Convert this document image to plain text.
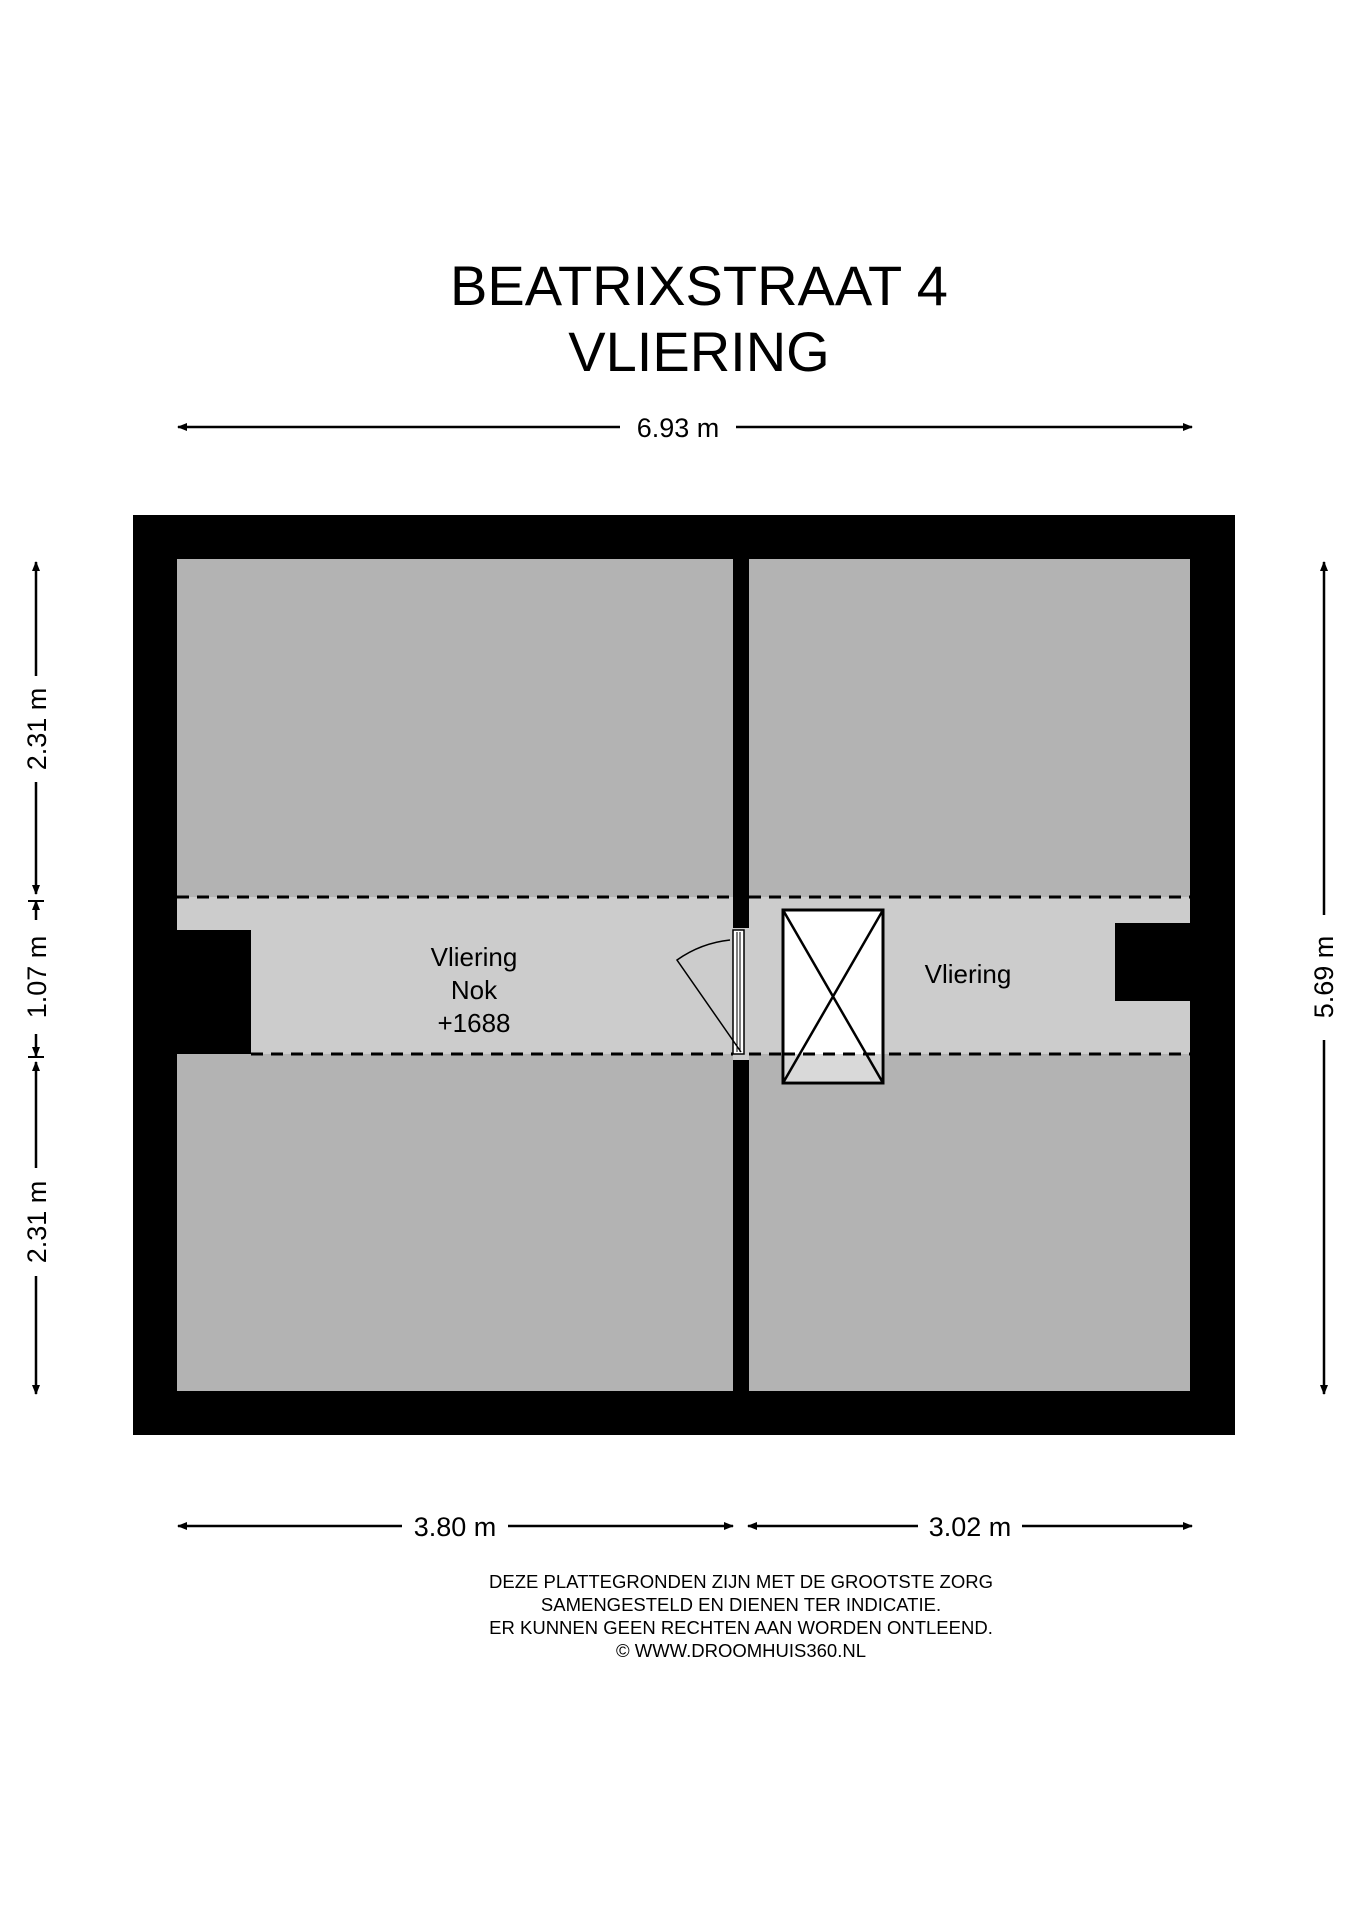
BEATRIXSTRAAT 4
VLIERING
6.93 m
2.31 m
1.07 m
2.31 m
5.69 m
3.80 m	3.02 m
Vliering
Nok
+1688
Vliering
DEZE PLATTEGRONDEN ZIJN MET DE GROOTSTE ZORG
SAMENGESTELD EN DIENEN TER INDICATIE.
ER KUNNEN GEEN RECHTEN AAN WORDEN ONTLEEND.
© WWW.DROOMHUIS360.NL
